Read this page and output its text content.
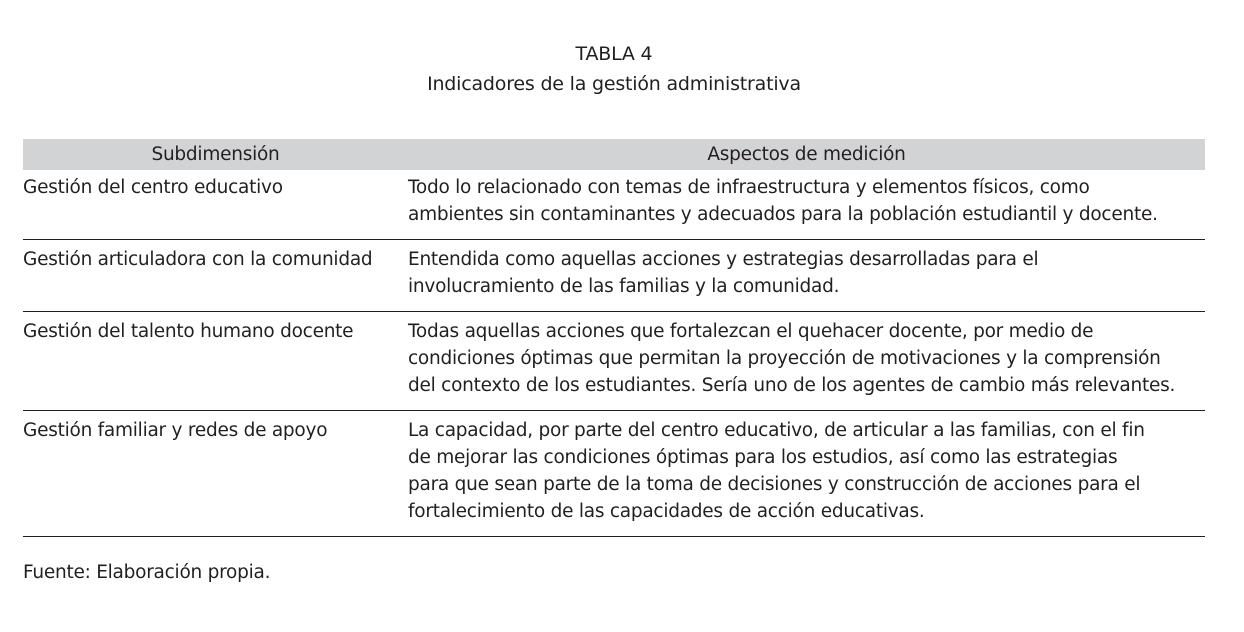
TABLA 4
Indicadores de la gestión administrativa
Subdimensión	Aspectos de medición
Gestión del centro educativo	Todo lo relacionado con temas de infraestructura y elementos físicos, como
ambientes sin contaminantes y adecuados para la población estudiantil y docente.

Gestión articuladora con la comunidad	Entendida como aquellas acciones y estrategias desarrolladas para el
involucramiento de las familias y la comunidad.

Gestión del talento humano docente	Todas aquellas acciones que fortalezcan el quehacer docente, por medio de
condiciones óptimas que permitan la proyección de motivaciones y la comprensión
del contexto de los estudiantes. Sería uno de los agentes de cambio más relevantes.

Gestión familiar y redes de apoyo	La capacidad, por parte del centro educativo, de articular a las familias, con el fin
de mejorar las condiciones óptimas para los estudios, así como las estrategias
para que sean parte de la toma de decisiones y construcción de acciones para el
fortalecimiento de las capacidades de acción educativas.
Fuente: Elaboración propia.
